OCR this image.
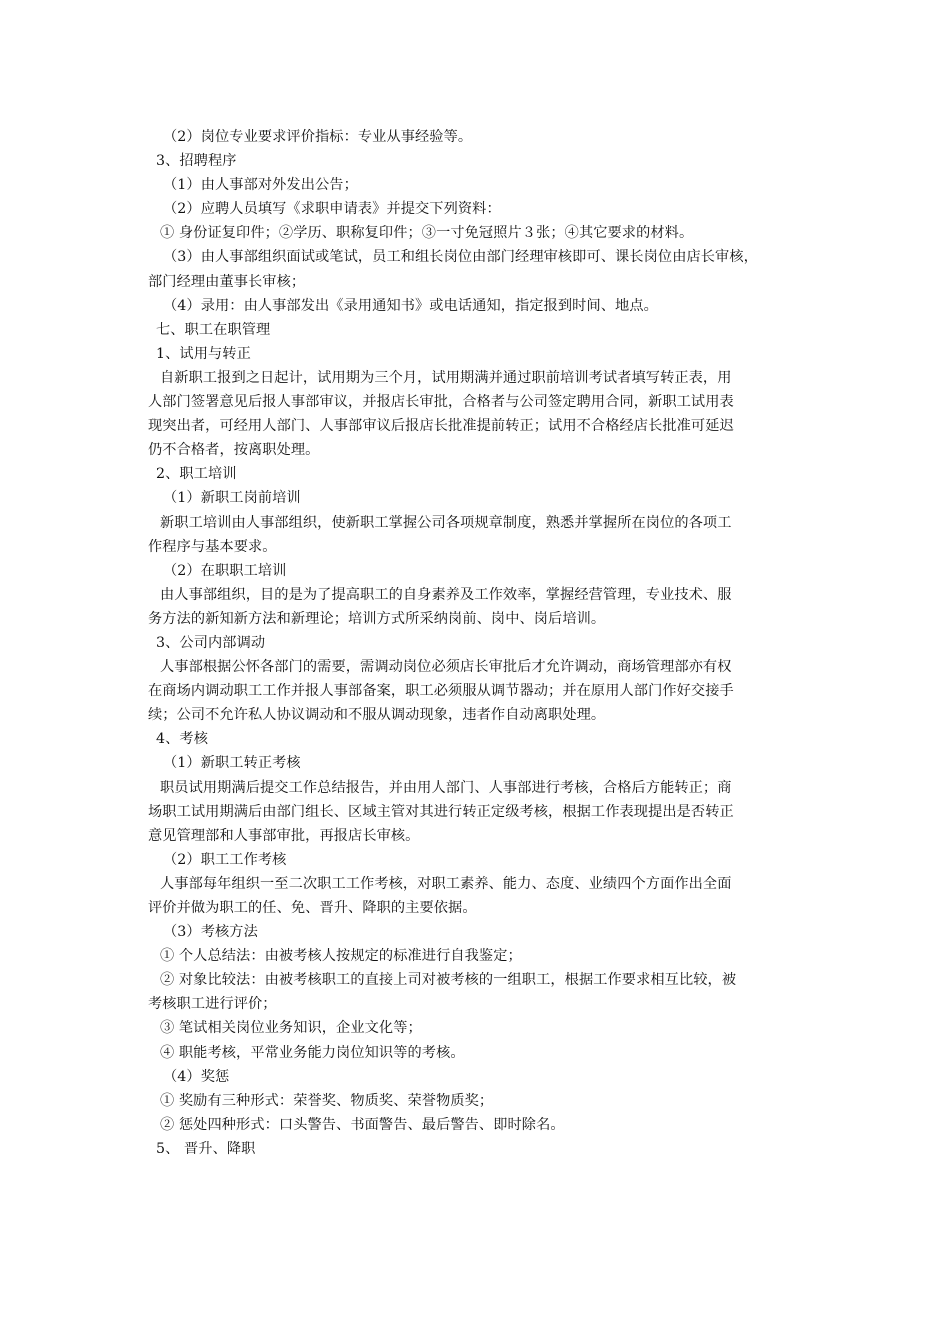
（2）岗位专业要求评价指标：专业从事经验等。
3、招聘程序
（1）由人事部对外发出公告；
（2）应聘人员填写《求职申请表》并提交下列资料：
① 身份证复印件；②学历、职称复印件；③一寸免冠照片３张；④其它要求的材料。
（3）由人事部组织面试或笔试，员工和组长岗位由部门经理审核即可、课长岗位由店长审核，
部门经理由董事长审核；
（4）录用：由人事部发出《录用通知书》或电话通知，指定报到时间、地点。
七、职工在职管理
1、试用与转正
自新职工报到之日起计，试用期为三个月，试用期满并通过职前培训考试者填写转正表，用
人部门签署意见后报人事部审议，并报店长审批，合格者与公司签定聘用合同，新职工试用表
现突出者，可经用人部门、人事部审议后报店长批准提前转正；试用不合格经店长批准可延迟
仍不合格者，按离职处理。
2、职工培训
（1）新职工岗前培训
新职工培训由人事部组织，使新职工掌握公司各项规章制度，熟悉并掌握所在岗位的各项工
作程序与基本要求。
（2）在职职工培训
由人事部组织，目的是为了提高职工的自身素养及工作效率，掌握经营管理，专业技术、服
务方法的新知新方法和新理论；培训方式所采纳岗前、岗中、岗后培训。
3、公司内部调动
人事部根据公怀各部门的需要，需调动岗位必须店长审批后才允许调动，商场管理部亦有权
在商场内调动职工工作并报人事部备案，职工必须服从调节器动；并在原用人部门作好交接手
续；公司不允许私人协议调动和不服从调动现象，违者作自动离职处理。
4、考核
（1）新职工转正考核
职员试用期满后提交工作总结报告，并由用人部门、人事部进行考核，合格后方能转正；商
场职工试用期满后由部门组长、区域主管对其进行转正定级考核，根据工作表现提出是否转正
意见管理部和人事部审批，再报店长审核。
（2）职工工作考核
人事部每年组织一至二次职工工作考核，对职工素养、能力、态度、业绩四个方面作出全面
评价并做为职工的任、免、晋升、降职的主要依据。
（3）考核方法
① 个人总结法：由被考核人按规定的标准进行自我鉴定；
② 对象比较法：由被考核职工的直接上司对被考核的一组职工，根据工作要求相互比较，被
考核职工进行评价；
③ 笔试相关岗位业务知识，企业文化等；
④ 职能考核，平常业务能力岗位知识等的考核。
（4）奖惩
① 奖励有三种形式：荣誉奖、物质奖、荣誉物质奖；
② 惩处四种形式：口头警告、书面警告、最后警告、即时除名。
5、 晋升、降职
